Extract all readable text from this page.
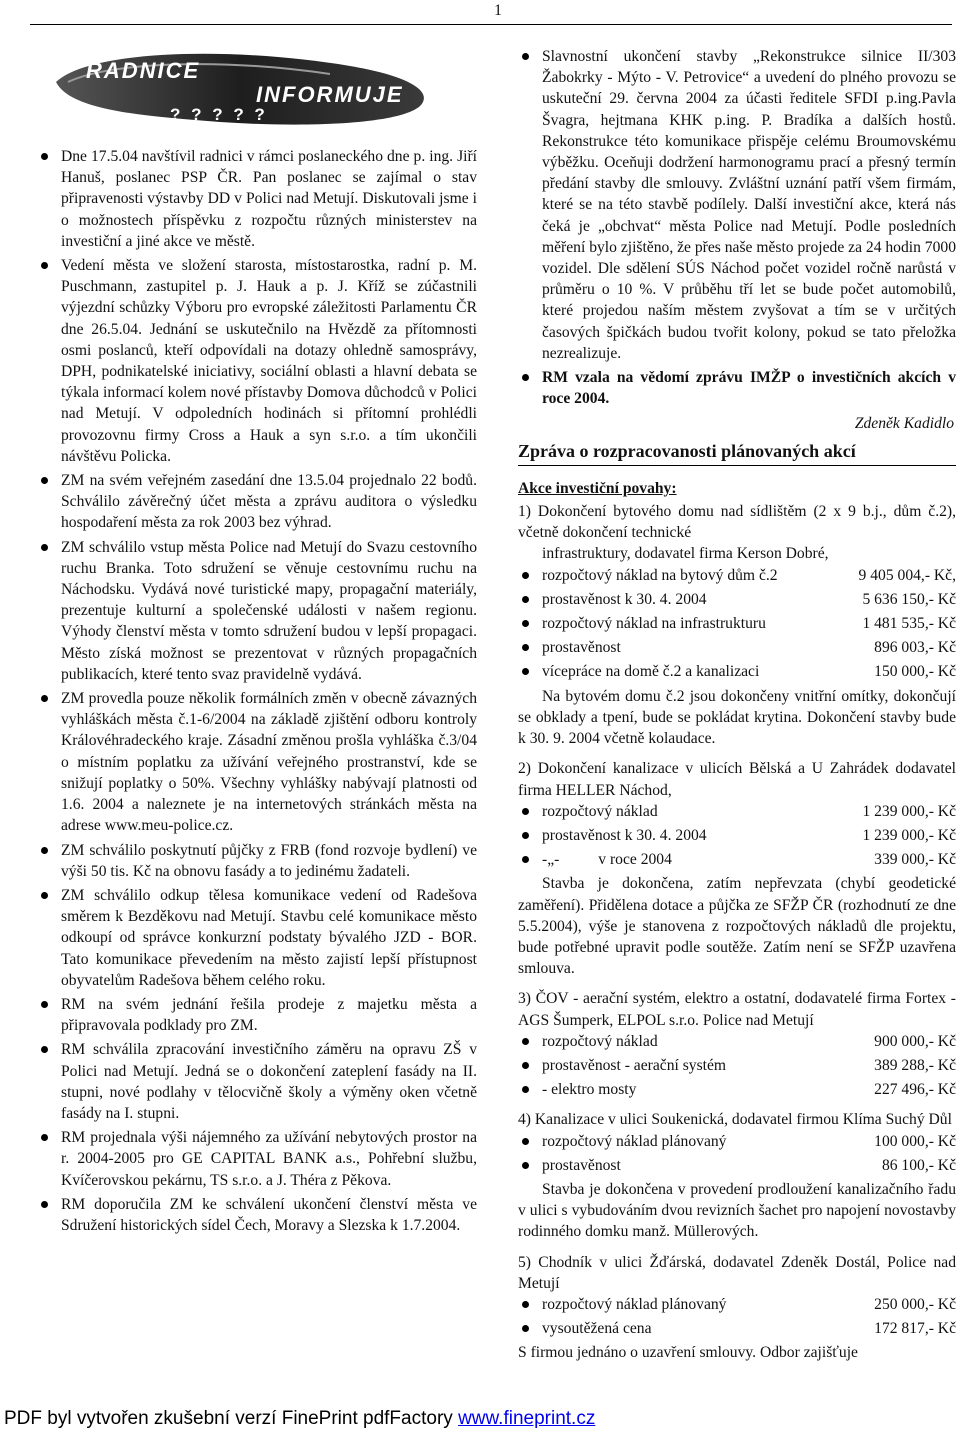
1
RADNICE
INFORMUJE
? ? ? ? ?
Dne 17.5.04 navštívil radnici v rámci poslaneckého dne p. ing. Jiří Hanuš, poslanec PSP ČR. Pan poslanec se zajímal o stav připravenosti výstavby DD v Polici nad Metují. Diskutovali jsme i o možnostech příspěvku z rozpočtu různých ministerstev na investiční a jiné akce ve městě.
Vedení města ve složení starosta, místostarostka, radní p. M. Puschmann, zastupitel p. J. Hauk a p. J. Kříž se zúčastnili výjezdní schůzky Výboru pro evropské záležitosti Parlamentu ČR dne 26.5.04. Jednání se uskutečnilo na Hvězdě za přítomnosti osmi poslanců, kteří odpovídali na dotazy ohledně samosprávy, DPH, podnikatelské iniciativy, sociální oblasti a hlavní debata se týkala informací kolem nové přístavby Domova důchodců v Polici nad Metují. V odpoledních hodinách si přítomní prohlédli provozovnu firmy Cross a Hauk a syn s.r.o. a tím ukončili návštěvu Policka.
ZM na svém veřejném zasedání dne 13.5.04 projednalo 22 bodů. Schválilo závěrečný účet města a zprávu auditora o výsledku hospodaření města za rok 2003 bez výhrad.
ZM schválilo vstup města Police nad Metují do Svazu cestovního ruchu Branka. Toto sdružení se věnuje cestovnímu ruchu na Náchodsku. Vydává nové turistické mapy, propagační materiály, prezentuje kulturní a společenské události v našem regionu. Výhody členství města v tomto sdružení budou v lepší propagaci. Město získá možnost se prezentovat v různých propagačních publikacích, které tento svaz pravidelně vydává.
ZM provedla pouze několik formálních změn v obecně závazných vyhláškách města č.1-6/2004 na základě zjištění odboru kontroly Královéhradeckého kraje. Zásadní změnou prošla vyhláška č.3/04 o místním poplatku za užívání veřejného prostranství, kde se snižují poplatky o 50%. Všechny vyhlášky nabývají platnosti od 1.6. 2004 a naleznete je na internetových stránkách města na adrese www.meu-police.cz.
ZM schválilo poskytnutí půjčky z FRB (fond rozvoje bydlení) ve výši 50 tis. Kč na obnovu fasády a to jedinému žadateli.
ZM schválilo odkup tělesa komunikace vedení od Radešova směrem k Bezděkovu nad Metují. Stavbu celé komunikace město odkoupí od správce konkurzní podstaty bývalého JZD - BOR. Tato komunikace převedením na město zajistí lepší přístupnost obyvatelům Radešova během celého roku.
RM na svém jednání řešila prodeje z majetku města a připravovala podklady pro ZM.
RM schválila zpracování investičního záměru na opravu ZŠ v Polici nad Metují. Jedná se o dokončení zateplení fasády na II. stupni, nové podlahy v tělocvičně školy a výměny oken včetně fasády na I. stupni.
RM projednala výši nájemného za užívání nebytových prostor na r. 2004-2005 pro GE CAPITAL BANK a.s., Pohřební službu, Kvíčerovskou pekárnu, TS s.r.o. a J. Théra z Pěkova.
RM doporučila ZM ke schválení ukončení členství města ve Sdružení historických sídel Čech, Moravy a Slezska k 1.7.2004.
Slavnostní ukončení stavby „Rekonstrukce silnice II/303 Žabokrky - Mýto - V. Petrovice“ a uvedení do plného provozu se uskuteční 29. června 2004 za účasti ředitele SFDI p.ing.Pavla Švagra, hejtmana KHK p.ing. P. Bradíka a dalších hostů. Rekonstrukce této komunikace přispěje celému Broumovskému výběžku. Oceňuji dodržení harmonogramu prací a přesný termín předání stavby dle smlouvy. Zvláštní uznání patří všem firmám, které se na této stavbě podílely. Další investiční akce, která nás čeká je „obchvat“ města Police nad Metují. Podle posledních měření bylo zjištěno, že přes naše město projede za 24 hodin 7000 vozidel. Dle sdělení SÚS Náchod počet vozidel ročně narůstá v průměru o 10 %. V průběhu tří let se bude počet automobilů, které projedou naším městem zvyšovat a tím se v určitých časových špičkách budou tvořit kolony, pokud se tato přeložka nezrealizuje.
RM vzala na vědomí zprávu IMŽP o investičních akcích v roce 2004.
Zdeněk Kadidlo
Zpráva o rozpracovanosti plánovaných akcí
Akce investiční povahy:

1) Dokončení bytového domu nad sídlištěm (2 x 9 b.j., dům č.2), včetně dokončení technické

infrastruktury, dodavatel firma Kerson Dobré,

rozpočtový náklad na bytový dům č.2	9 405 004,- Kč,
prostavěnost k 30. 4. 2004	5 636 150,- Kč
rozpočtový náklad na infrastrukturu	1 481 535,- Kč
prostavěnost	896 003,- Kč
vícepráce na domě č.2 a kanalizaci	150 000,- Kč

Na bytovém domu č.2 jsou dokončeny vnitřní omítky, dokončují se obklady a tpení, bude se pokládat krytina. Dokončení stavby bude k 30. 9. 2004 včetně kolaudace.

2) Dokončení kanalizace v ulicích Bělská a U Zahrádek dodavatel firma HELLER Náchod,

rozpočtový náklad	1 239 000,- Kč
prostavěnost k 30. 4. 2004	1 239 000,- Kč
-„-          v roce 2004	339 000,- Kč

Stavba je dokončena, zatím nepřevzata (chybí geodetické zaměření). Přidělena dotace a půjčka ze SFŽP ČR (rozhodnutí ze dne 5.5.2004), výše je stanovena z rozpočtových nákladů dle projektu, bude potřebné upravit podle soutěže. Zatím není se SFŽP uzavřena smlouva.

3) ČOV - aerační systém, elektro a ostatní, dodavatelé firma Fortex - AGS Šumperk, ELPOL s.r.o. Police nad Metují

rozpočtový náklad	900 000,- Kč
prostavěnost - aerační systém	389 288,- Kč
- elektro mosty	227 496,- Kč

4) Kanalizace v ulici Soukenická, dodavatel firmou Klíma Suchý Důl

rozpočtový náklad plánovaný	100 000,- Kč
prostavěnost	86 100,- Kč

Stavba je dokončena v provedení prodloužení kanalizačního řadu v ulici s vybudováním dvou revizních šachet pro napojení novostavby rodinného domku manž. Müllerových.

5) Chodník v ulici Žďárská, dodavatel Zdeněk Dostál, Police nad Metují

rozpočtový náklad plánovaný	250 000,- Kč
vysoutěžená cena	172 817,- Kč

S firmou jednáno o uzavření smlouvy. Odbor zajišťuje

PDF byl vytvořen zkušební verzí FinePrint pdfFactory www.fineprint.cz
